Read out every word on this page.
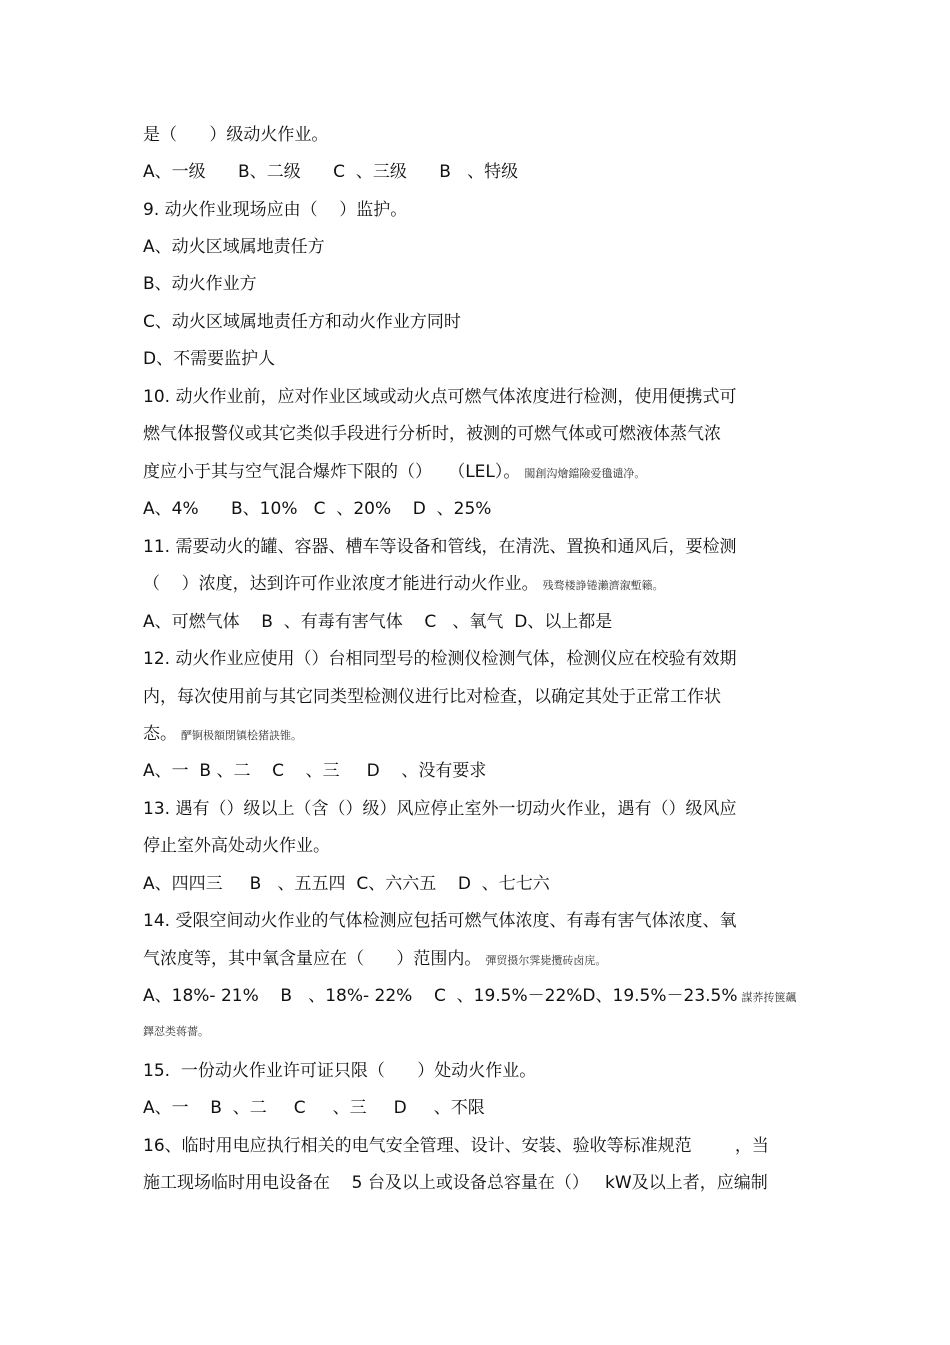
是（      ）级动火作业。
A、一级      B、二级      C  、三级      B   、特级
9. 动火作业现场应由（    ）监护。
A、动火区域属地责任方
B、动火作业方
C、动火区域属地责任方和动火作业方同时
D、不需要监护人
10. 动火作业前，应对作业区域或动火点可燃气体浓度进行检测，使用便携式可
燃气体报警仪或其它类似手段进行分析时，被测的可燃气体或可燃液体蒸气浓
度应小于其与空气混合爆炸下限的（）   （LEL）。 闖創沟燴鐺險爱氇谴净。
A、4%      B、10%   C  、20%    D  、25%
11. 需要动火的罐、容器、槽车等设备和管线，在清洗、置换和通风后，要检测
（    ）浓度，达到许可作业浓度才能进行动火作业。 残骛楼諍锩瀨濟溆塹籟。
A、可燃气体    B  、有毒有害气体    C   、氧气  D、以上都是
12. 动火作业应使用（）台相同型号的检测仪检测气体，检测仪应在校验有效期
内，每次使用前与其它同类型检测仪进行比对检查，以确定其处于正常工作状
态。 酽锕极額閉镇桧猪訣锥。
A、一  B 、二    C    、三     D    、没有要求
13. 遇有（）级以上（含（）级）风应停止室外一切动火作业，遇有（）级风应
停止室外高处动火作业。
A、四四三     B   、五五四  C、六六五    D  、七七六
14. 受限空间动火作业的气体检测应包括可燃气体浓度、有毒有害气体浓度、氧
气浓度等，其中氧含量应在（      ）范围内。 彈贸摄尔霁毙攬砖卤庑。
A、18%- 21%    B   、18%- 22%    C  、19.5%－22%D、19.5%－23.5% 謀荞抟箧飆
鐸怼类蒋薔。
15.  一份动火作业许可证只限（      ）处动火作业。
A、一    B  、二     C     、三     D     、不限
16、临时用电应执行相关的电气安全管理、设计、安装、验收等标准规范        ，当
施工现场临时用电设备在    5 台及以上或设备总容量在（）   kW及以上者，应编制
